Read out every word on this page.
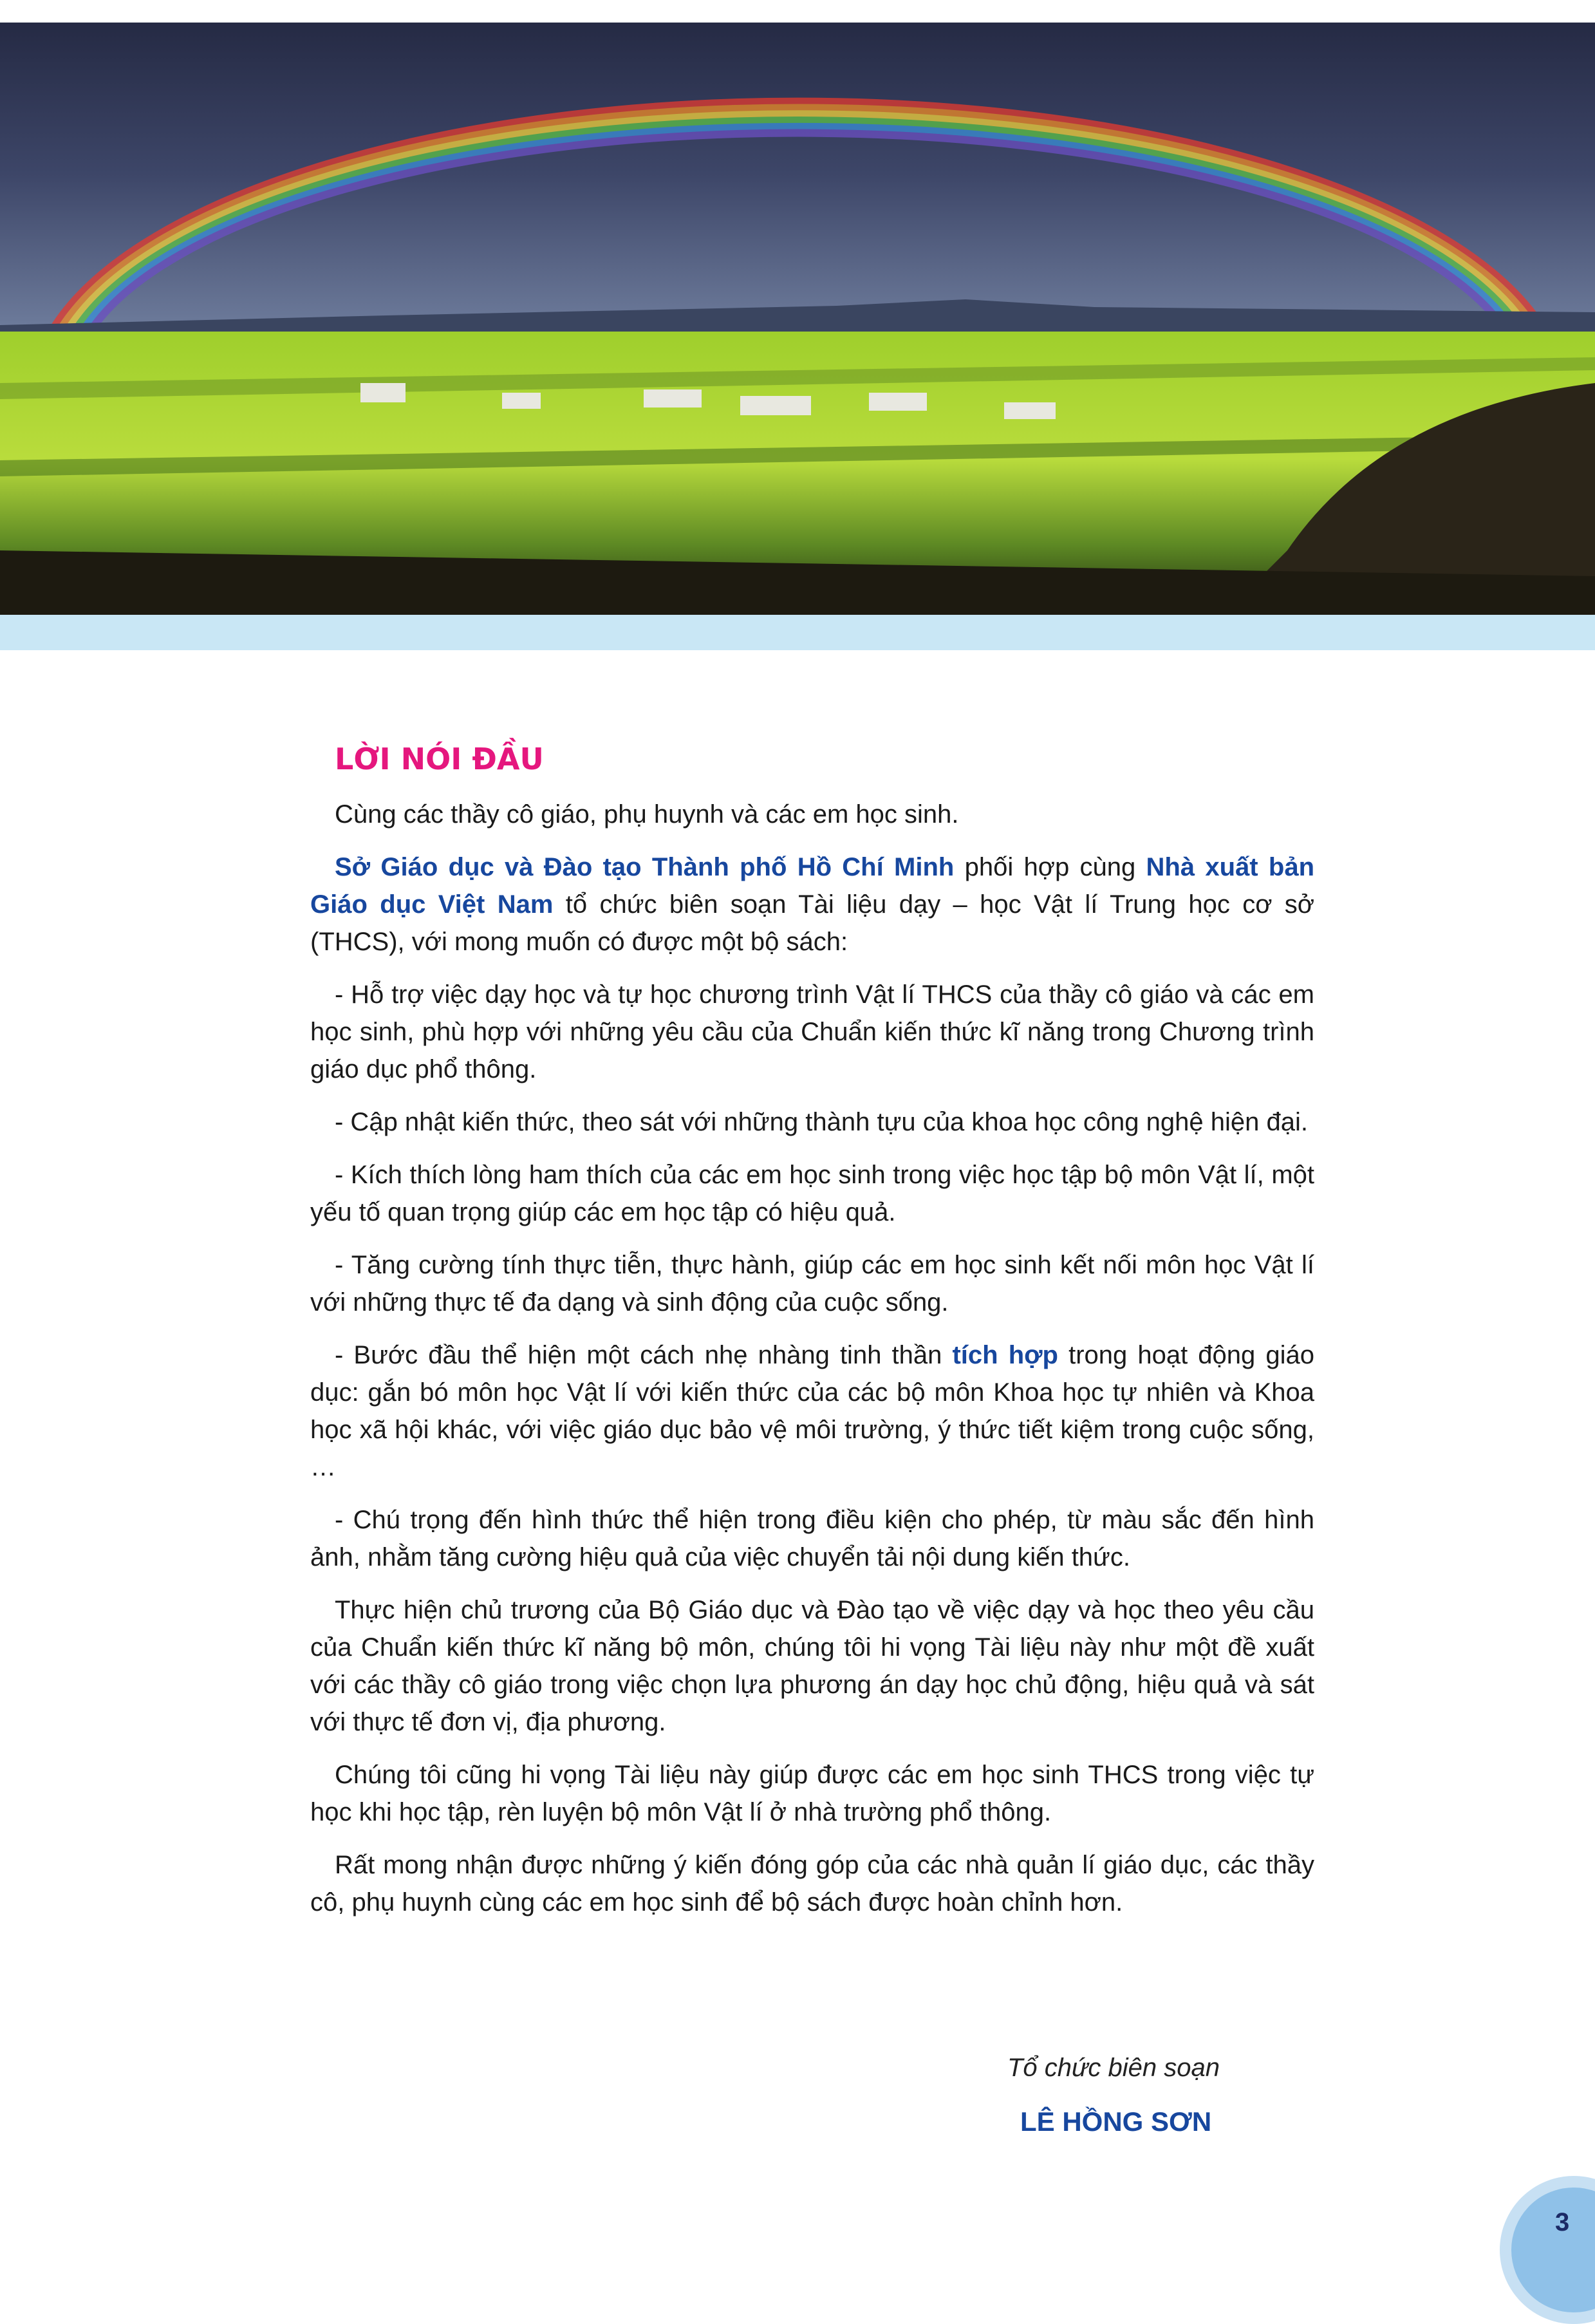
LỜI NÓI ĐẦU

Cùng các thầy cô giáo, phụ huynh và các em học sinh.

Sở Giáo dục và Đào tạo Thành phố Hồ Chí Minh phối hợp cùng Nhà xuất bản Giáo dục Việt Nam tổ chức biên soạn Tài liệu dạy – học Vật lí Trung học cơ sở (THCS), với mong muốn có được một bộ sách:

- Hỗ trợ việc dạy học và tự học chương trình Vật lí THCS của thầy cô giáo và các em học sinh, phù hợp với những yêu cầu của Chuẩn kiến thức kĩ năng trong Chương trình giáo dục phổ thông.

- Cập nhật kiến thức, theo sát với những thành tựu của khoa học công nghệ hiện đại.

- Kích thích lòng ham thích của các em học sinh trong việc học tập bộ môn Vật lí, một yếu tố quan trọng giúp các em học tập có hiệu quả.

- Tăng cường tính thực tiễn, thực hành, giúp các em học sinh kết nối môn học Vật lí với những thực tế đa dạng và sinh động của cuộc sống.

- Bước đầu thể hiện một cách nhẹ nhàng tinh thần tích hợp trong hoạt động giáo dục: gắn bó môn học Vật lí với kiến thức của các bộ môn Khoa học tự nhiên và Khoa học xã hội khác, với việc giáo dục bảo vệ môi trường, ý thức tiết kiệm trong cuộc sống, …

- Chú trọng đến hình thức thể hiện trong điều kiện cho phép, từ màu sắc đến hình ảnh, nhằm tăng cường hiệu quả của việc chuyển tải nội dung kiến thức.

Thực hiện chủ trương của Bộ Giáo dục và Đào tạo về việc dạy và học theo yêu cầu của Chuẩn kiến thức kĩ năng bộ môn, chúng tôi hi vọng Tài liệu này như một đề xuất với các thầy cô giáo trong việc chọn lựa phương án dạy học chủ động, hiệu quả và sát với thực tế đơn vị, địa phương.

Chúng tôi cũng hi vọng Tài liệu này giúp được các em học sinh THCS trong việc tự học khi học tập, rèn luyện bộ môn Vật lí ở nhà trường phổ thông.

Rất mong nhận được những ý kiến đóng góp của các nhà quản lí giáo dục, các thầy cô, phụ huynh cùng các em học sinh để bộ sách được hoàn chỉnh hơn.

Tổ chức biên soạn
LÊ HỒNG SƠN
3
